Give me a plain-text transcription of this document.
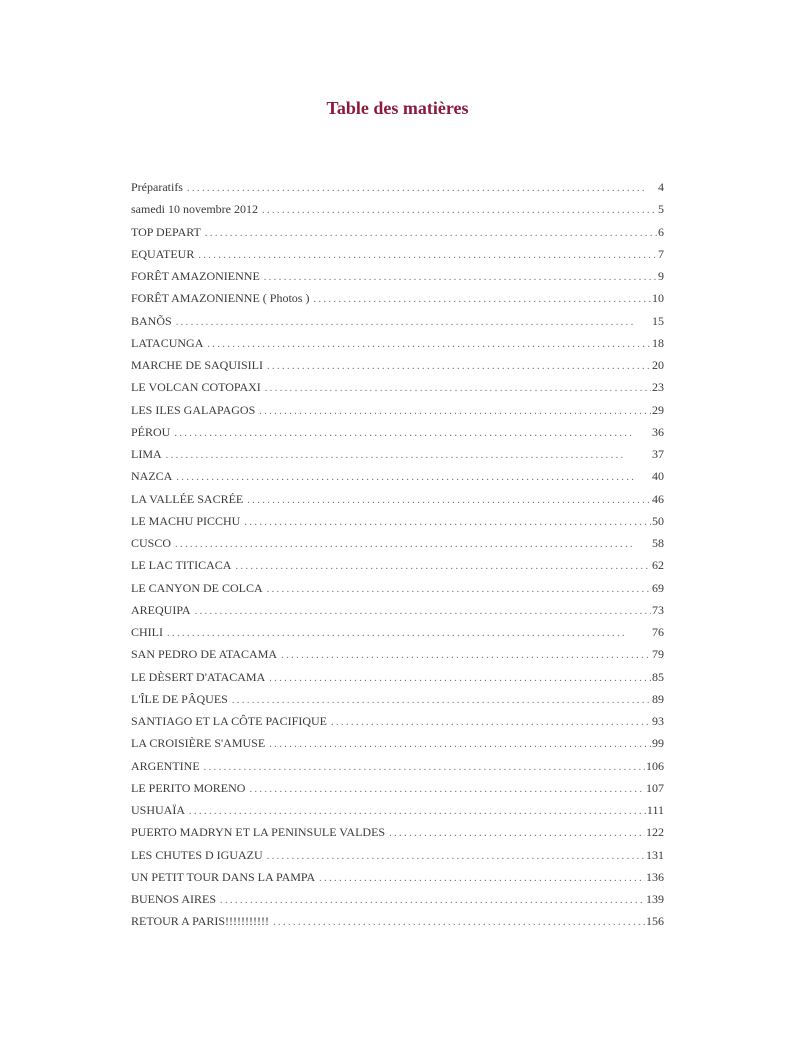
Table des matières
Préparatifs . . .	4
samedi 10 novembre 2012 . . .	5
TOP DEPART . . .	6
EQUATEUR . . .	7
FORÊT AMAZONIENNE . . .	9
FORÊT AMAZONIENNE ( Photos ) . . .	10
BANÕS . . .	15
LATACUNGA . . .	18
MARCHE DE SAQUISILI . . .	20
LE VOLCAN COTOPAXI . . .	23
LES ILES GALAPAGOS . . .	29
PÉROU . . .	36
LIMA . . .	37
NAZCA . . .	40
LA VALLÉE SACRÉE . . .	46
LE MACHU PICCHU . . .	50
CUSCO . . .	58
LE LAC TITICACA . . .	62
LE CANYON DE COLCA . . .	69
AREQUIPA . . .	73
CHILI . . .	76
SAN PEDRO DE ATACAMA . . .	79
LE DÈSERT D'ATACAMA . . .	85
L'ÎLE DE PÂQUES . . .	89
SANTIAGO ET LA CÔTE PACIFIQUE . . .	93
LA CROISIÈRE S'AMUSE . . .	99
ARGENTINE . . .	106
LE PERITO MORENO . . .	107
USHUAÏA . . .	111
PUERTO MADRYN ET LA PENINSULE VALDES . . .	122
LES CHUTES D IGUAZU . . .	131
UN PETIT TOUR DANS LA PAMPA . . .	136
BUENOS AIRES . . .	139
RETOUR A PARIS!!!!!!!!!!! . . .	156
